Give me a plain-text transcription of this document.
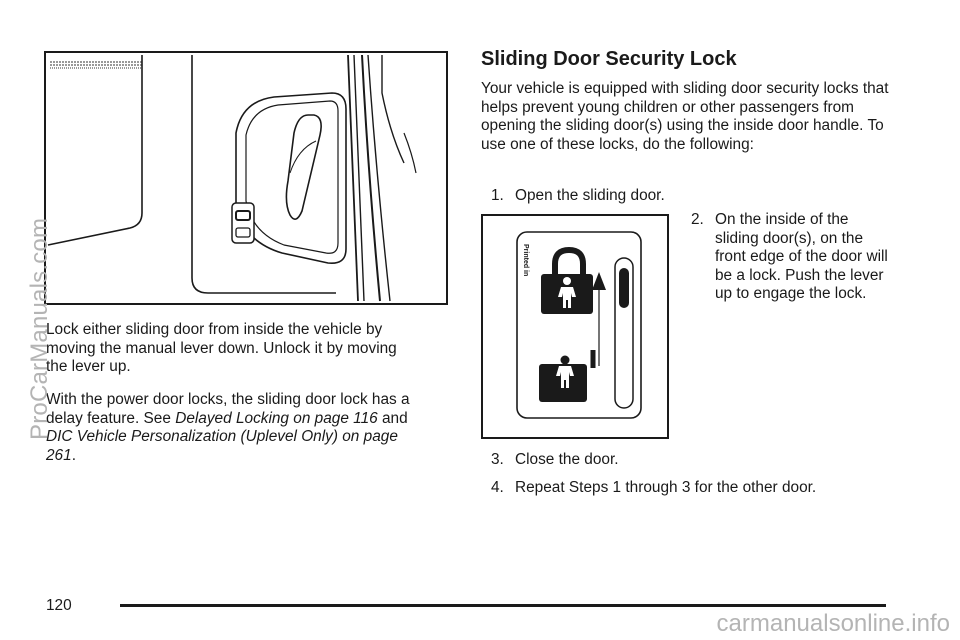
Lock either sliding door from inside the vehicle by moving the manual lever down. Unlock it by moving the lever up.

With the power door locks, the sliding door lock has a delay feature. See Delayed Locking on page 116 and DIC Vehicle Personalization (Uplevel Only) on page 261.

Sliding Door Security Lock

Your vehicle is equipped with sliding door security locks that helps prevent young children or other passengers from opening the sliding door(s) using the inside door handle. To use one of these locks, do the following:

1. Open the sliding door.
Printed in
2. On the inside of the sliding door(s), on the front edge of the door will be a lock. Push the lever up to engage the lock.
3. Close the door.
4. Repeat Steps 1 through 3 for the other door.
120
ProCarManuals.com
carmanualsonline.info
